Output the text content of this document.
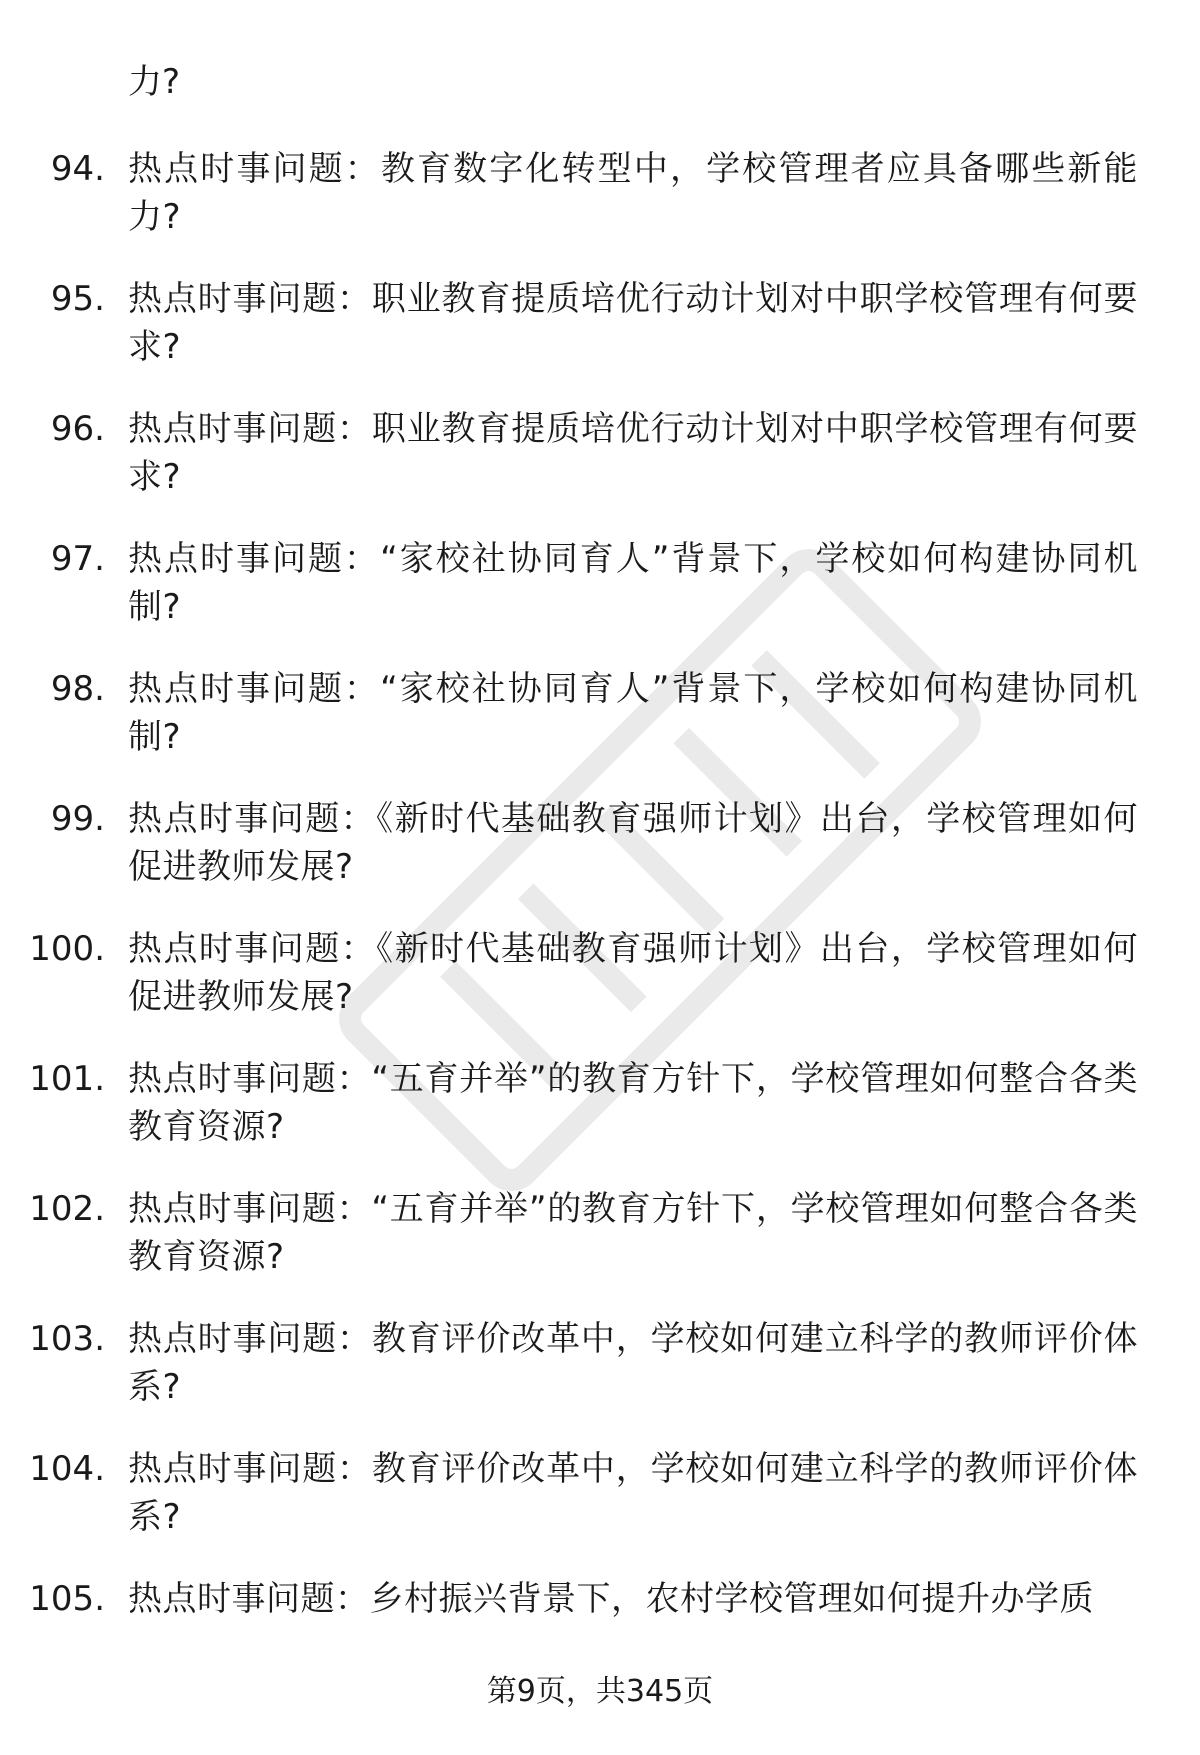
力?
94. 热点时事问题：教育数字化转型中，学校管理者应具备哪些新能力?
95. 热点时事问题：职业教育提质培优行动计划对中职学校管理有何要求?
96. 热点时事问题：职业教育提质培优行动计划对中职学校管理有何要求?
97. 热点时事问题：“家校社协同育人”背景下，学校如何构建协同机制?
98. 热点时事问题：“家校社协同育人”背景下，学校如何构建协同机制?
99. 热点时事问题：《新时代基础教育强师计划》出台，学校管理如何促进教师发展?
100. 热点时事问题：《新时代基础教育强师计划》出台，学校管理如何促进教师发展?
101. 热点时事问题：“五育并举”的教育方针下，学校管理如何整合各类教育资源?
102. 热点时事问题：“五育并举”的教育方针下，学校管理如何整合各类教育资源?
103. 热点时事问题：教育评价改革中，学校如何建立科学的教师评价体系?
104. 热点时事问题：教育评价改革中，学校如何建立科学的教师评价体系?
105. 热点时事问题：乡村振兴背景下，农村学校管理如何提升办学质
第9页，共345页
